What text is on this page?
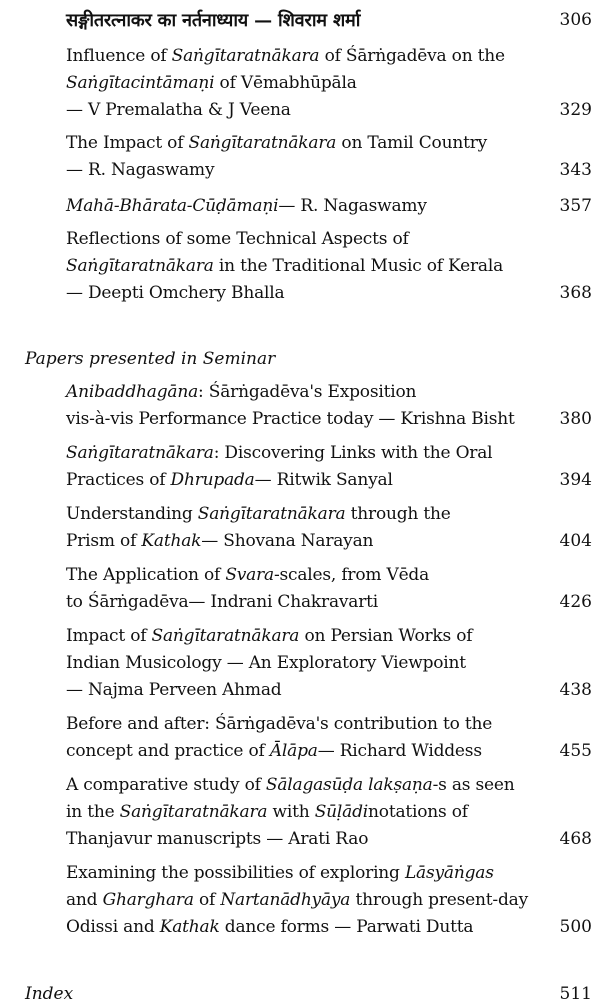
सङ्गीतरत्नाकर का नर्तनाध्याय — शिवराम शर्मा	306
Influence of Saṅgītaratnākara of Śārṅgadēva on the
Saṅgītacintāmaṇi of Vēmabhūpāla
— V Premalatha & J Veena	329
The Impact of Saṅgītaratnākara on Tamil Country
— R. Nagaswamy	343
Mahā-Bhārata-Cūḍāmaṇi— R. Nagaswamy	357
Reflections of some Technical Aspects of
Saṅgītaratnākara in the Traditional Music of Kerala
— Deepti Omchery Bhalla	368
Papers presented in Seminar
Anibaddhagāna: Śārṅgadēva's Exposition
vis-à-vis Performance Practice today — Krishna Bisht	380
Saṅgītaratnākara: Discovering Links with the Oral
Practices of Dhrupada— Ritwik Sanyal	394
Understanding Saṅgītaratnākara through the
Prism of Kathak— Shovana Narayan	404
The Application of Svara-scales, from Vēda
to Śārṅgadēva— Indrani Chakravarti	426
Impact of Saṅgītaratnākara on Persian Works of
Indian Musicology — An Exploratory Viewpoint
— Najma Perveen Ahmad	438
Before and after: Śārṅgadēva's contribution to the
concept and practice of Ālāpa— Richard Widdess	455
A comparative study of Sālagasūḍa lakṣaṇa-s as seen
in the Saṅgītaratnākara with Sūḷādinotations of
Thanjavur manuscripts — Arati Rao	468
Examining the possibilities of exploring Lāsyāṅgas
and Gharghara of Nartanādhyāya through present-day
Odissi and Kathak dance forms — Parwati Dutta	500
Index	511
